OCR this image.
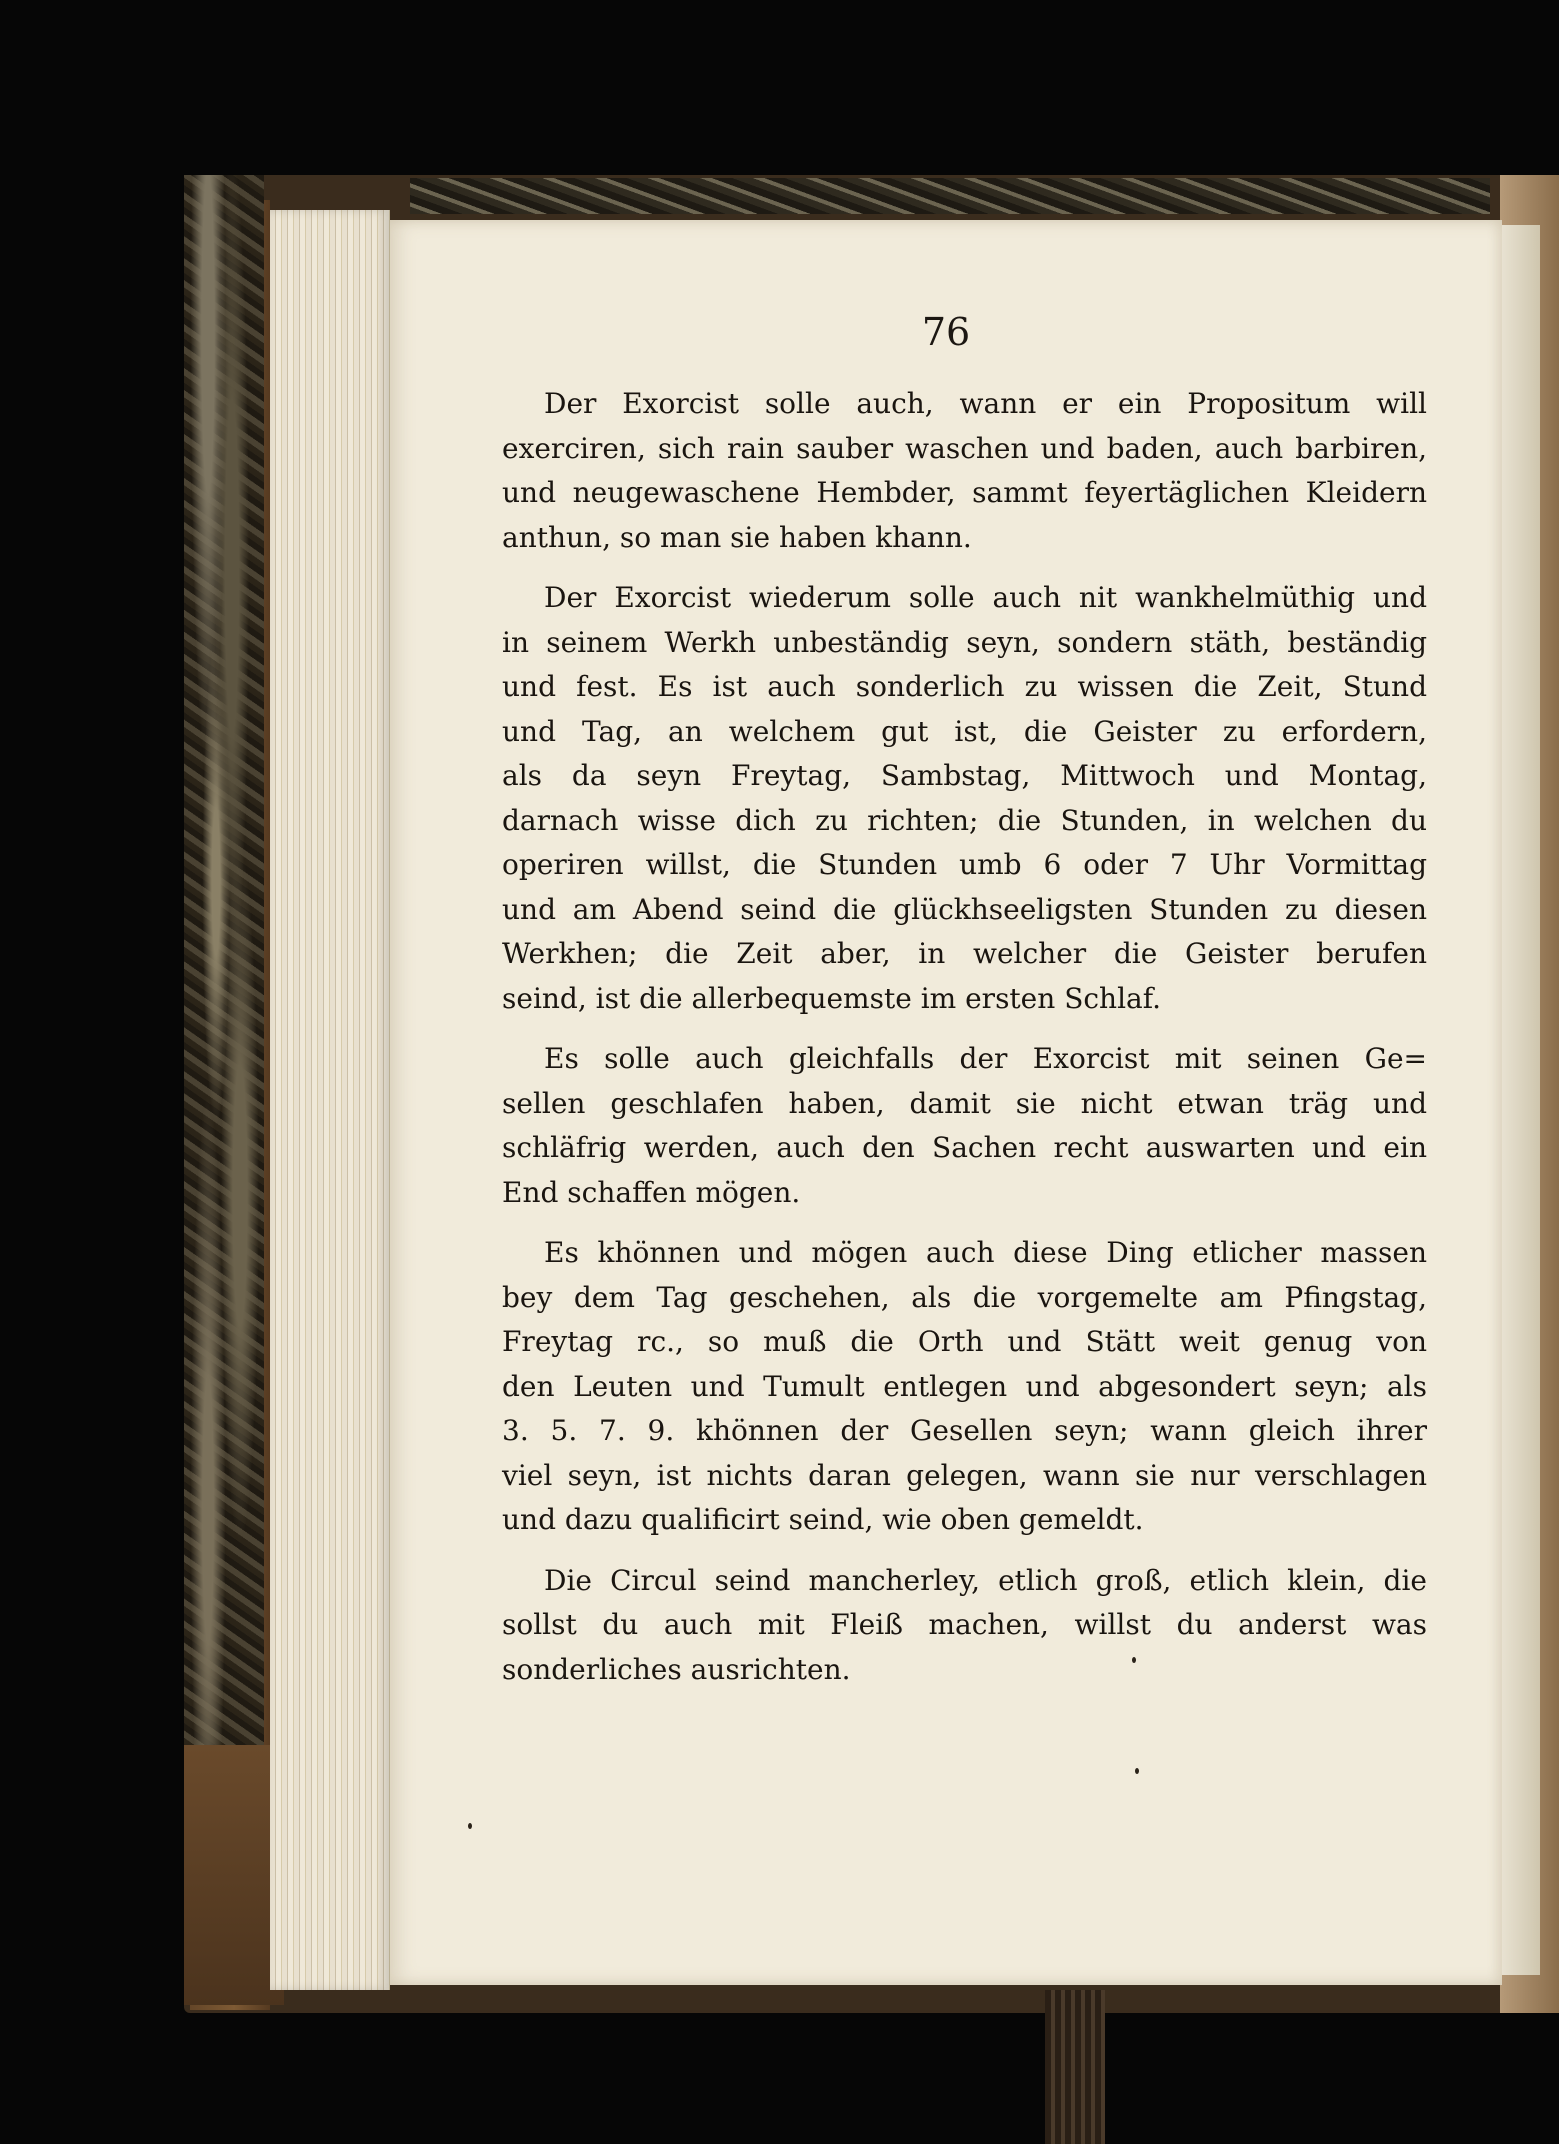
76
Der Exorcist solle auch, wann er ein Propositum will
exerciren, sich rain sauber waschen und baden, auch barbiren,
und neugewaschene Hembder, sammt feyertäglichen Kleidern
anthun, so man sie haben khann.
Der Exorcist wiederum solle auch nit wankhelmüthig und
in seinem Werkh unbeständig seyn, sondern stäth, beständig
und fest. Es ist auch sonderlich zu wissen die Zeit, Stund
und Tag, an welchem gut ist, die Geister zu erfordern,
als da seyn Freytag, Sambstag, Mittwoch und Montag,
darnach wisse dich zu richten; die Stunden, in welchen du
operiren willst, die Stunden umb 6 oder 7 Uhr Vormittag
und am Abend seind die glückhseeligsten Stunden zu diesen
Werkhen; die Zeit aber, in welcher die Geister berufen
seind, ist die allerbequemste im ersten Schlaf.
Es solle auch gleichfalls der Exorcist mit seinen Ge=
sellen geschlafen haben, damit sie nicht etwan träg und
schläfrig werden, auch den Sachen recht auswarten und ein
End schaffen mögen.
Es khönnen und mögen auch diese Ding etlicher massen
bey dem Tag geschehen, als die vorgemelte am Pfingstag,
Freytag rc., so muß die Orth und Stätt weit genug von
den Leuten und Tumult entlegen und abgesondert seyn; als
3. 5. 7. 9. khönnen der Gesellen seyn; wann gleich ihrer
viel seyn, ist nichts daran gelegen, wann sie nur verschlagen
und dazu qualificirt seind, wie oben gemeldt.
Die Circul seind mancherley, etlich groß, etlich klein, die
sollst du auch mit Fleiß machen, willst du anderst was
sonderliches ausrichten.
